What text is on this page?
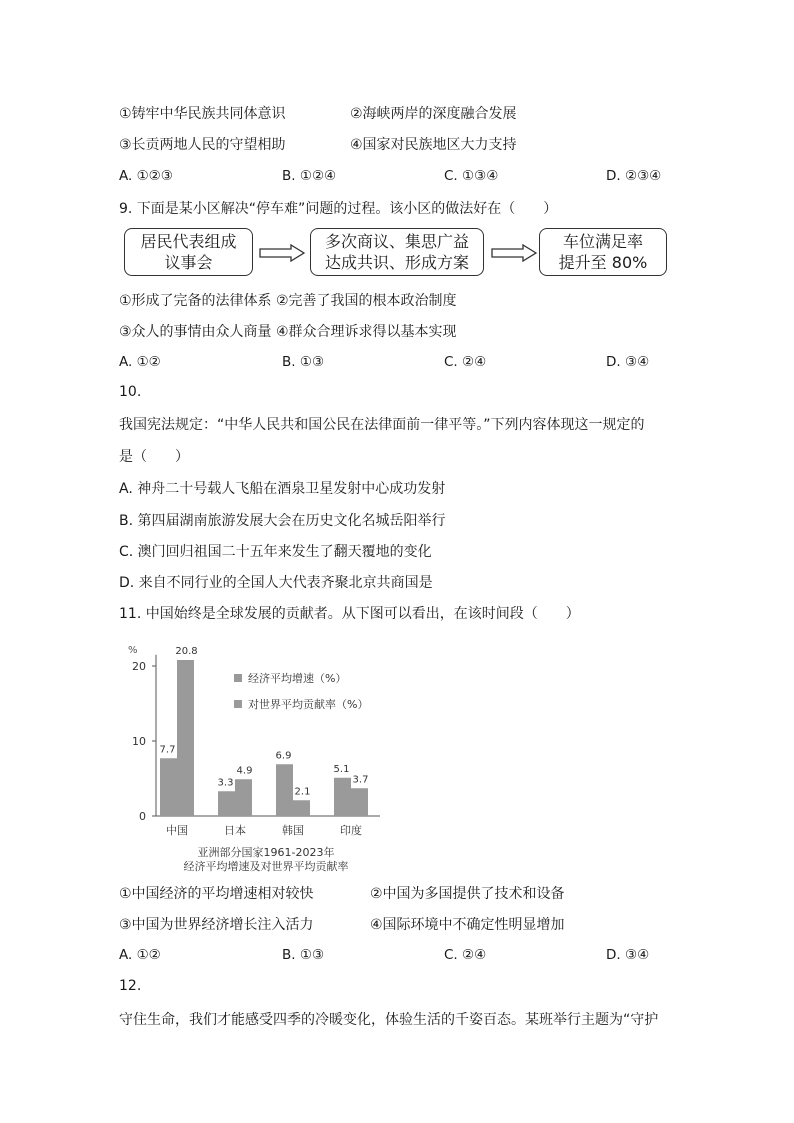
①铸牢中华民族共同体意识	②海峡两岸的深度融合发展
③长贡两地人民的守望相助	④国家对民族地区大力支持
A. ①②③	B. ①②④	C. ①③④	D. ②③④
9. 下面是某小区解决“停车难”问题的过程。该小区的做法好在（　　）
居民代表组成
议事会
多次商议、集思广益
达成共识、形成方案
车位满足率
提升至 80%
①形成了完备的法律体系 ②完善了我国的根本政治制度
③众人的事情由众人商量 ④群众合理诉求得以基本实现
A. ①②	B. ①③	C. ②④	D. ③④
10.
我国宪法规定：“中华人民共和国公民在法律面前一律平等。”下列内容体现这一规定的
是（　　）
A. 神舟二十号载人飞船在酒泉卫星发射中心成功发射
B. 第四届湖南旅游发展大会在历史文化名城岳阳举行
C. 澳门回归祖国二十五年来发生了翻天覆地的变化
D. 来自不同行业的全国人大代表齐聚北京共商国是
11. 中国始终是全球发展的贡献者。从下图可以看出，在该时间段（　　）
%
0
10
20
7.7
20.8
中国
3.3
4.9
日本
6.9
2.1
韩国
5.1
3.7
印度
经济平均增速（%）
对世界平均贡献率（%）
亚洲部分国家1961-2023年
经济平均增速及对世界平均贡献率
①中国经济的平均增速相对较快	②中国为多国提供了技术和设备
③中国为世界经济增长注入活力	④国际环境中不确定性明显增加
A. ①②	B. ①③	C. ②④	D. ③④
12.
守住生命，我们才能感受四季的冷暖变化，体验生活的千姿百态。某班举行主题为“守护
